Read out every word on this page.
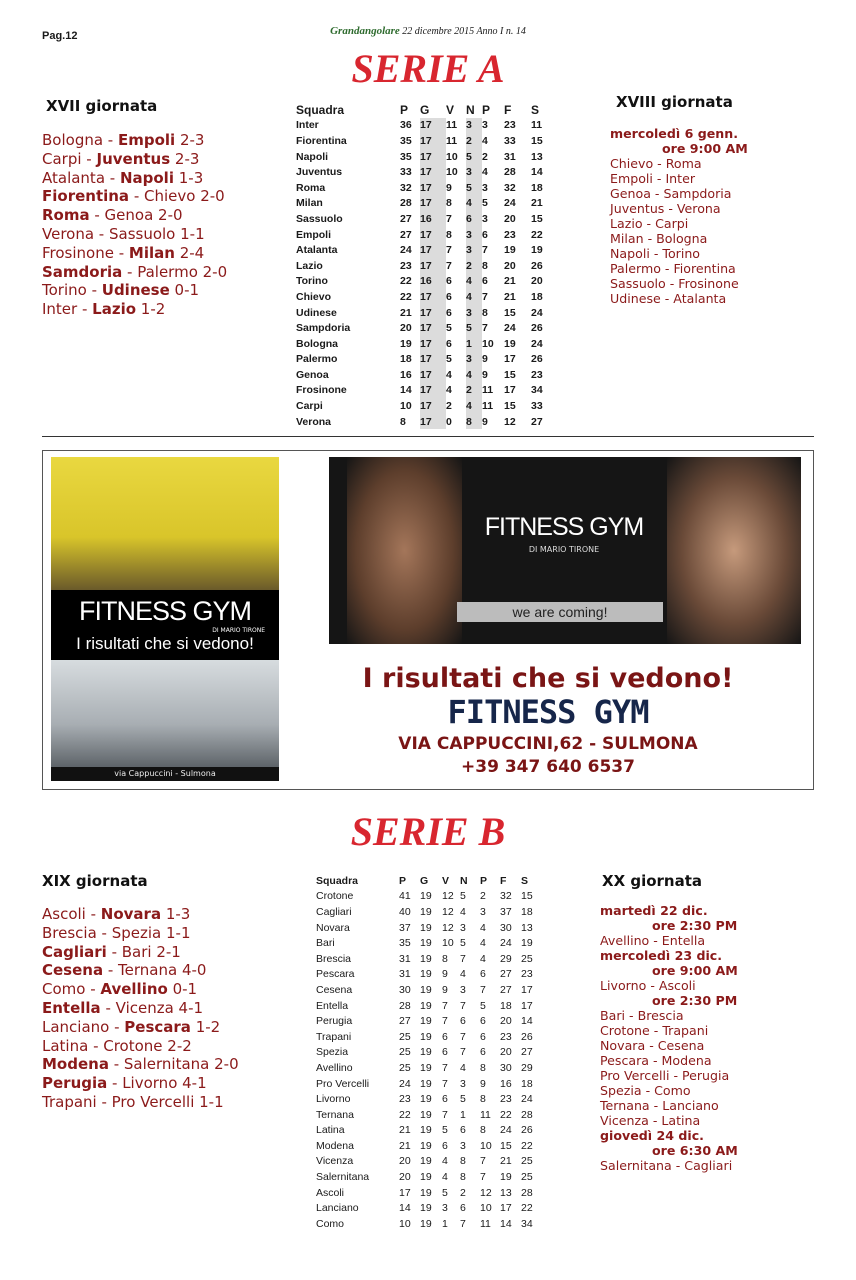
Pag.12	Grandangolare 22 dicembre 2015 Anno I n. 14
SERIE A
XVII giornata
Bologna - Empoli 2-3
Carpi - Juventus 2-3
Atalanta - Napoli 1-3
Fiorentina - Chievo 2-0
Roma - Genoa 2-0
Verona - Sassuolo 1-1
Frosinone - Milan 2-4
Samdoria - Palermo 2-0
Torino - Udinese 0-1
Inter - Lazio 1-2
Squadra	P	G	V	N	P	F	S
Inter	36	17	11	3	3	23	11
Fiorentina	35	17	11	2	4	33	15
Napoli	35	17	10	5	2	31	13
Juventus	33	17	10	3	4	28	14
Roma	32	17	9	5	3	32	18
Milan	28	17	8	4	5	24	21
Sassuolo	27	16	7	6	3	20	15
Empoli	27	17	8	3	6	23	22
Atalanta	24	17	7	3	7	19	19
Lazio	23	17	7	2	8	20	26
Torino	22	16	6	4	6	21	20
Chievo	22	17	6	4	7	21	18
Udinese	21	17	6	3	8	15	24
Sampdoria	20	17	5	5	7	24	26
Bologna	19	17	6	1	10	19	24
Palermo	18	17	5	3	9	17	26
Genoa	16	17	4	4	9	15	23
Frosinone	14	17	4	2	11	17	34
Carpi	10	17	2	4	11	15	33
Verona	8	17	0	8	9	12	27
XVIII giornata
mercoledì 6 genn.
ore 9:00 AM
Chievo - Roma
Empoli - Inter
Genoa - Sampdoria
Juventus - Verona
Lazio - Carpi
Milan - Bologna
Napoli - Torino
Palermo - Fiorentina
Sassuolo - Frosinone
Udinese - Atalanta
FITNESS GYM
DI MARIO TIRONE
I risultati che si vedono!
via Cappuccini - Sulmona
FITNESS GYM
DI MARIO TIRONE
we are coming!
I risultati che si vedono!
FITNESS GYM
VIA CAPPUCCINI,62 - SULMONA
+39 347 640 6537
SERIE B
XIX giornata
Ascoli - Novara 1-3
Brescia - Spezia 1-1
Cagliari - Bari 2-1
Cesena - Ternana 4-0
Como - Avellino 0-1
Entella - Vicenza 4-1
Lanciano - Pescara 1-2
Latina - Crotone 2-2
Modena - Salernitana 2-0
Perugia - Livorno 4-1
Trapani - Pro Vercelli 1-1
Squadra	P	G	V	N	P	F	S
Crotone	41	19	12	5	2	32	15
Cagliari	40	19	12	4	3	37	18
Novara	37	19	12	3	4	30	13
Bari	35	19	10	5	4	24	19
Brescia	31	19	8	7	4	29	25
Pescara	31	19	9	4	6	27	23
Cesena	30	19	9	3	7	27	17
Entella	28	19	7	7	5	18	17
Perugia	27	19	7	6	6	20	14
Trapani	25	19	6	7	6	23	26
Spezia	25	19	6	7	6	20	27
Avellino	25	19	7	4	8	30	29
Pro Vercelli	24	19	7	3	9	16	18
Livorno	23	19	6	5	8	23	24
Ternana	22	19	7	1	11	22	28
Latina	21	19	5	6	8	24	26
Modena	21	19	6	3	10	15	22
Vicenza	20	19	4	8	7	21	25
Salernitana	20	19	4	8	7	19	25
Ascoli	17	19	5	2	12	13	28
Lanciano	14	19	3	6	10	17	22
Como	10	19	1	7	11	14	34
XX giornata
martedì 22 dic.
ore 2:30 PM
Avellino - Entella
mercoledì 23 dic.
ore 9:00 AM
Livorno - Ascoli
ore 2:30 PM
Bari - Brescia
Crotone - Trapani
Novara - Cesena
Pescara - Modena
Pro Vercelli - Perugia
Spezia - Como
Ternana - Lanciano
Vicenza - Latina
giovedì 24 dic.
ore 6:30 AM
Salernitana - Cagliari
